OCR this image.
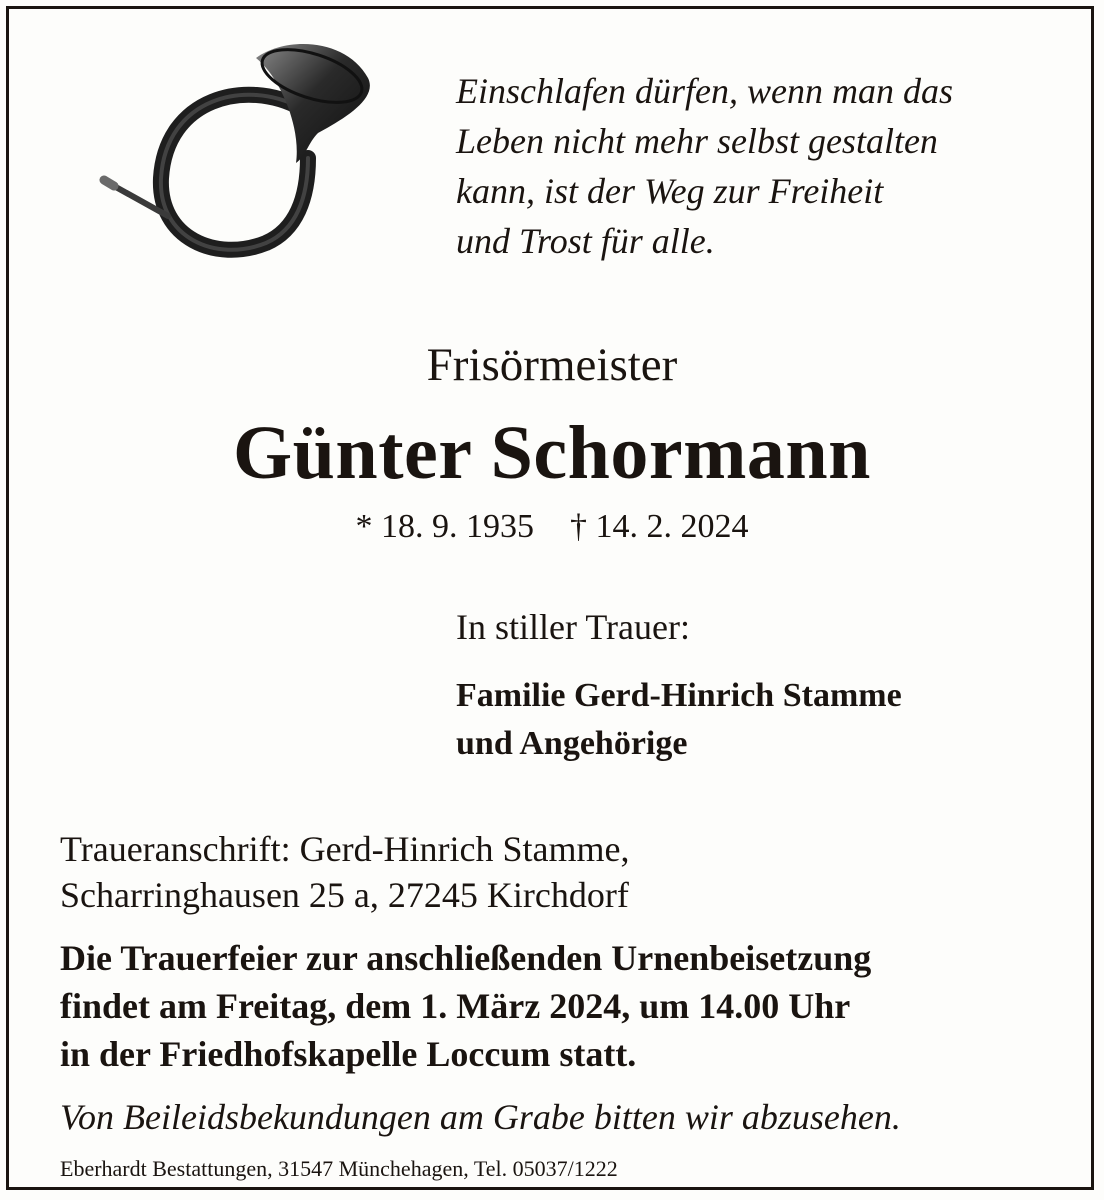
Einschlafen dürfen, wenn man das
Leben nicht mehr selbst gestalten
kann, ist der Weg zur Freiheit
und Trost für alle.
Frisörmeister
Günter Schormann
* 18. 9. 1935 † 14. 2. 2024
In stiller Trauer:
Familie Gerd-Hinrich Stamme
und Angehörige
Traueranschrift: Gerd-Hinrich Stamme,
Scharringhausen 25 a, 27245 Kirchdorf
Die Trauerfeier zur anschließenden Urnenbeisetzung
findet am Freitag, dem 1. März 2024, um 14.00 Uhr
in der Friedhofskapelle Loccum statt.
Von Beileidsbekundungen am Grabe bitten wir abzusehen.
Eberhardt Bestattungen, 31547 Münchehagen, Tel. 05037/1222
